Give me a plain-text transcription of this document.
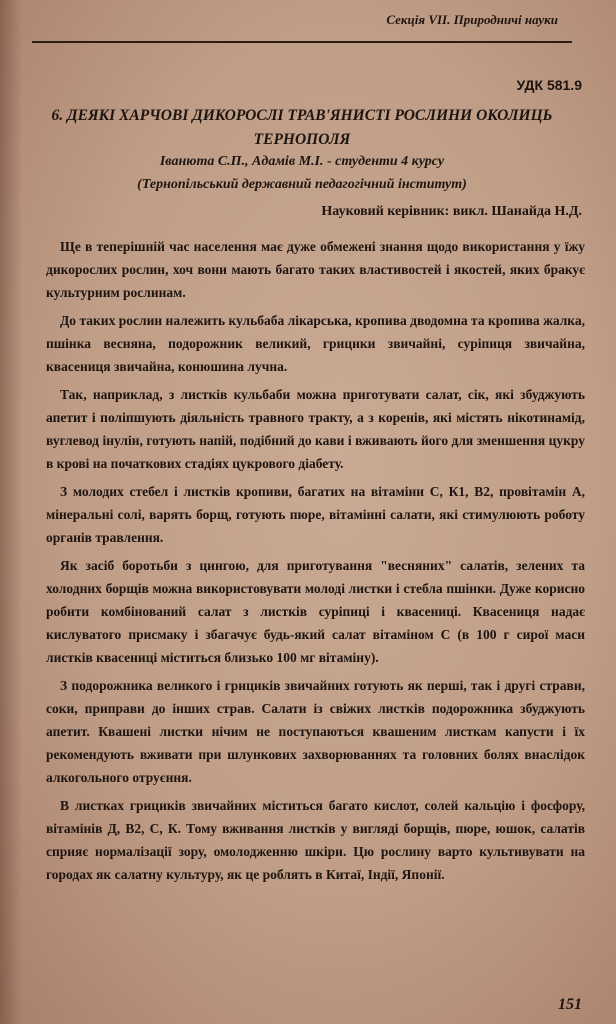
Секція VII. Природничі науки
УДК 581.9
6. ДЕЯКІ ХАРЧОВІ ДИКОРОСЛІ ТРАВ'ЯНИСТІ РОСЛИНИ ОКОЛИЦЬ ТЕРНОПОЛЯ
Іванюта С.П., Адамів М.І. - студенти 4 курсу
(Тернопільський державний педагогічний інститут)
Науковий керівник: викл. Шанайда Н.Д.

Ще в теперішній час населення має дуже обмежені знання щодо використання у їжу дикорослих рослин, хоч вони мають багато таких властивостей і якостей, яких бракує культурним рослинам.

До таких рослин належить кульбаба лікарська, кропива дводомна та кропива жалка, пшінка весняна, подорожник великий, грицики звичайні, суріпиця звичайна, квасениця звичайна, конюшина лучна.

Так, наприклад, з листків кульбаби можна приготувати салат, сік, які збуджують апетит і поліпшують діяльність травного тракту, а з коренів, які містять нікотинамід, вуглевод інулін, готують напій, подібний до кави і вживають його для зменшення цукру в крові на початкових стадіях цукрового діабету.

З молодих стебел і листків кропиви, багатих на вітаміни С, К1, В2, провітамін А, мінеральні солі, варять борщ, готують пюре, вітамінні салати, які стимулюють роботу органів травлення.

Як засіб боротьби з цингою, для приготування "весняних" салатів, зелених та холодних борщів можна використовувати молоді листки і стебла пшінки. Дуже корисно робити комбінований салат з листків суріпиці і квасениці. Квасениця надає кислуватого присмаку і збагачує будь-який салат вітаміном С (в 100 г сирої маси листків квасениці міститься близько 100 мг вітаміну).

З подорожника великого і грициків звичайних готують як перші, так і другі страви, соки, приправи до інших страв. Салати із свіжих листків подорожника збуджують апетит. Квашені листки нічим не поступаються квашеним листкам капусти і їх рекомендують вживати при шлункових захворюваннях та головних болях внаслідок алкогольного отруєння.

В листках грициків звичайних міститься багато кислот, солей кальцію і фосфору, вітамінів Д, В2, С, К. Тому вживання листків у вигляді борщів, пюре, юшок, салатів сприяє нормалізації зору, омолодженню шкіри. Цю рослину варто культивувати на городах як салатну культуру, як це роблять в Китаї, Індії, Японії.

151
